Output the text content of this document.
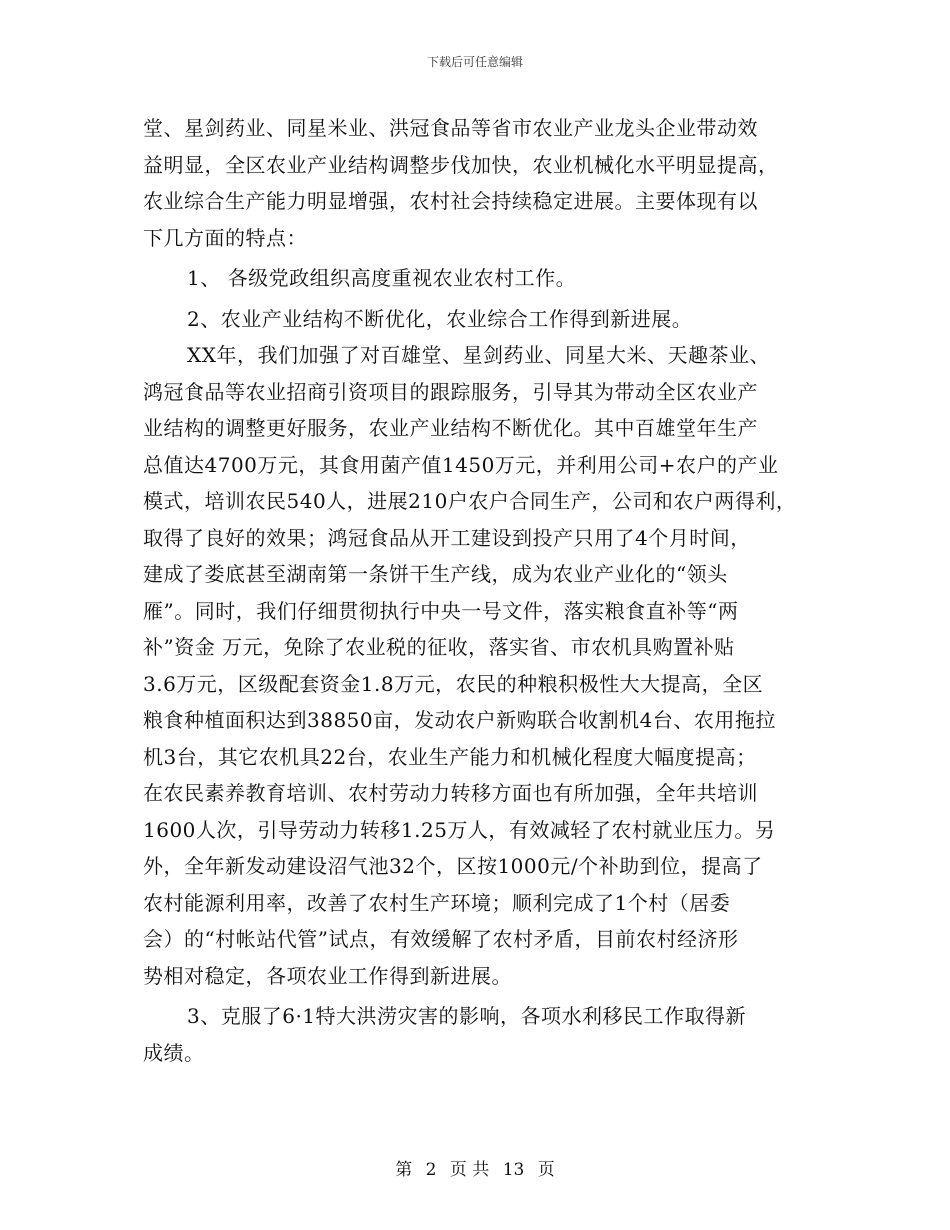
下载后可任意编辑
堂、星剑药业、同星米业、洪冠食品等省市农业产业龙头企业带动效
益明显，全区农业产业结构调整步伐加快，农业机械化水平明显提高，
农业综合生产能力明显增强，农村社会持续稳定进展。主要体现有以
下几方面的特点：
1、 各级党政组织高度重视农业农村工作。
2、农业产业结构不断优化，农业综合工作得到新进展。
XX年，我们加强了对百雄堂、星剑药业、同星大米、天趣茶业、
鸿冠食品等农业招商引资项目的跟踪服务，引导其为带动全区农业产
业结构的调整更好服务，农业产业结构不断优化。其中百雄堂年生产
总值达4700万元，其食用菌产值1450万元，并利用公司+农户的产业
模式，培训农民540人，进展210户农户合同生产，公司和农户两得利，
取得了良好的效果；鸿冠食品从开工建设到投产只用了4个月时间，
建成了娄底甚至湖南第一条饼干生产线，成为农业产业化的“领头
雁”。同时，我们仔细贯彻执行中央一号文件，落实粮食直补等“两
补”资金 万元，免除了农业税的征收，落实省、市农机具购置补贴
3.6万元，区级配套资金1.8万元，农民的种粮积极性大大提高，全区
粮食种植面积达到38850亩，发动农户新购联合收割机4台、农用拖拉
机3台，其它农机具22台，农业生产能力和机械化程度大幅度提高；
在农民素养教育培训、农村劳动力转移方面也有所加强，全年共培训
1600人次，引导劳动力转移1.25万人，有效减轻了农村就业压力。另
外，全年新发动建设沼气池32个，区按1000元/个补助到位，提高了
农村能源利用率，改善了农村生产环境；顺利完成了1个村（居委
会）的“村帐站代管”试点，有效缓解了农村矛盾，目前农村经济形
势相对稳定，各项农业工作得到新进展。
3、克服了6·1特大洪涝灾害的影响，各项水利移民工作取得新
成绩。
第 2 页 共 13 页
